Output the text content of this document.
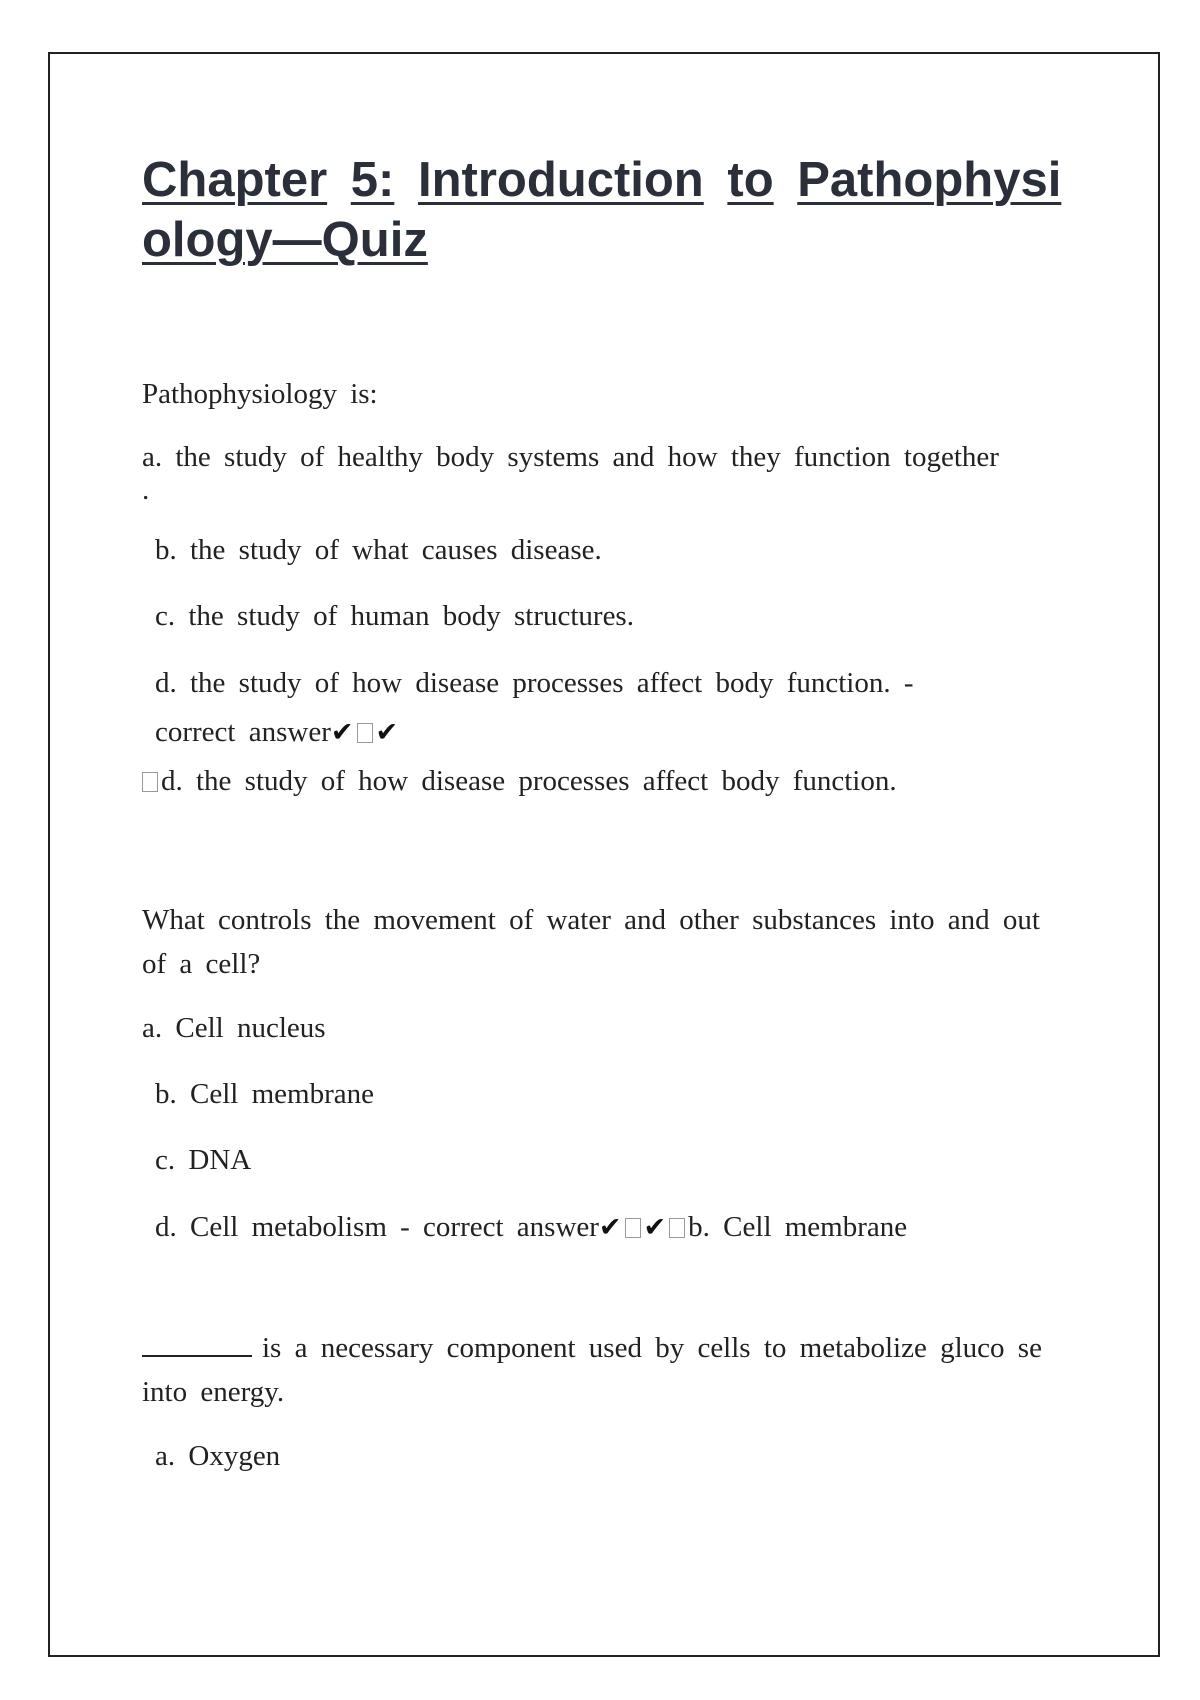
Chapter 5: Introduction to Pathophysi
ology—Quiz
Pathophysiology is:
a. the study of healthy body systems and how they function together
.
b. the study of what causes disease.
c. the study of human body structures.
d. the study of how disease processes affect body function. -
correct answer✔ ✔
d. the study of how disease processes affect body function.
What controls the movement of water and other substances into and out of a cell?
a. Cell nucleus
b. Cell membrane
c. DNA
d. Cell metabolism - correct answer✔ ✔ b. Cell membrane
is a necessary component used by cells to metabolize gluco se into energy.
a. Oxygen
